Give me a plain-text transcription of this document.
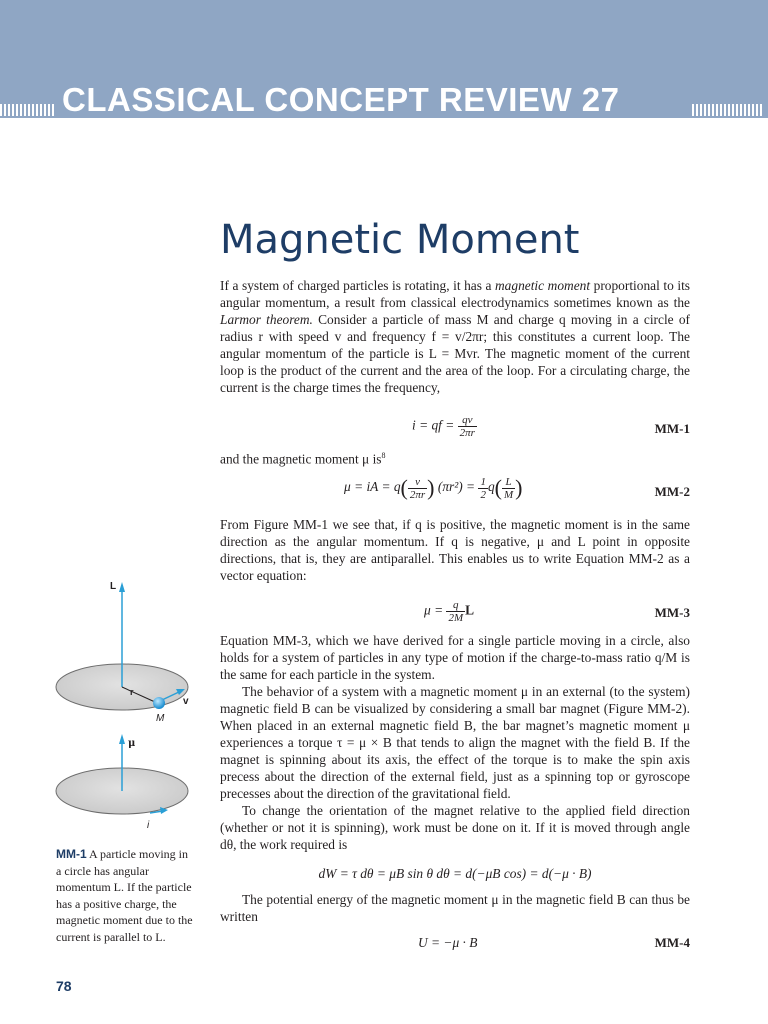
CLASSICAL CONCEPT REVIEW 27
Magnetic Moment

If a system of charged particles is rotating, it has a magnetic moment proportional to its angular momentum, a result from classical electrodynamics sometimes known as the Larmor theorem. Consider a particle of mass M and charge q moving in a circle of radius r with speed v and frequency f = v/2πr; this constitutes a current loop. The angular momentum of the particle is L = Mvr. The magnetic moment of the current loop is the product of the current and the area of the loop. For a circulating charge, the current is the charge times the frequency,

i = qf = $\frac{qv}{2\pi r}$	MM-1

and the magnetic moment μ $is^8$

μ = iA = $q( \frac{v}{2\pi r}$ ) $(\pi r^2) = \frac{1}{2} q( \frac{L}{M}$ )	MM-2

From Figure MM-1 we see that, if q is positive, the magnetic moment is in the same direction as the angular momentum. If q is negative, μ and L point in opposite directions, that is, they are antiparallel. This enables us to write Equation MM-2 as a vector equation:

$\mu = \frac{q}{2M}$ L	MM-3

Equation MM-3, which we have derived for a single particle moving in a circle, also holds for a system of particles in any type of motion if the charge-to-mass ratio q/M is the same for each particle in the system.

The behavior of a system with a magnetic moment μ in an external (to the system) magnetic field B can be visualized by considering a small bar magnet (Figure MM-2). When placed in an external magnetic field B, the bar magnet’s magnetic moment μ experiences a torque τ = μ × B that tends to align the magnet with the field B. If the magnet is spinning about its axis, the effect of the torque is to make the spin axis precess about the direction of the external field, just as a spinning top or gyroscope precesses about the direction of the gravitational field.

To change the orientation of the magnet relative to the applied field direction (whether or not it is spinning), work must be done on it. If it is moved through angle dθ, the work required is

dW = τ dθ = μB sin θ dθ = d(−μB cos) = d(−μ · B)

The potential energy of the magnetic moment μ in the magnetic field B can thus be written

U = −μ · B	MM-4
L
r
v
M
μ
i
MM-1 A particle moving in a circle has angular momentum L. If the particle has a positive charge, the magnetic moment due to the current is parallel to L.
78
